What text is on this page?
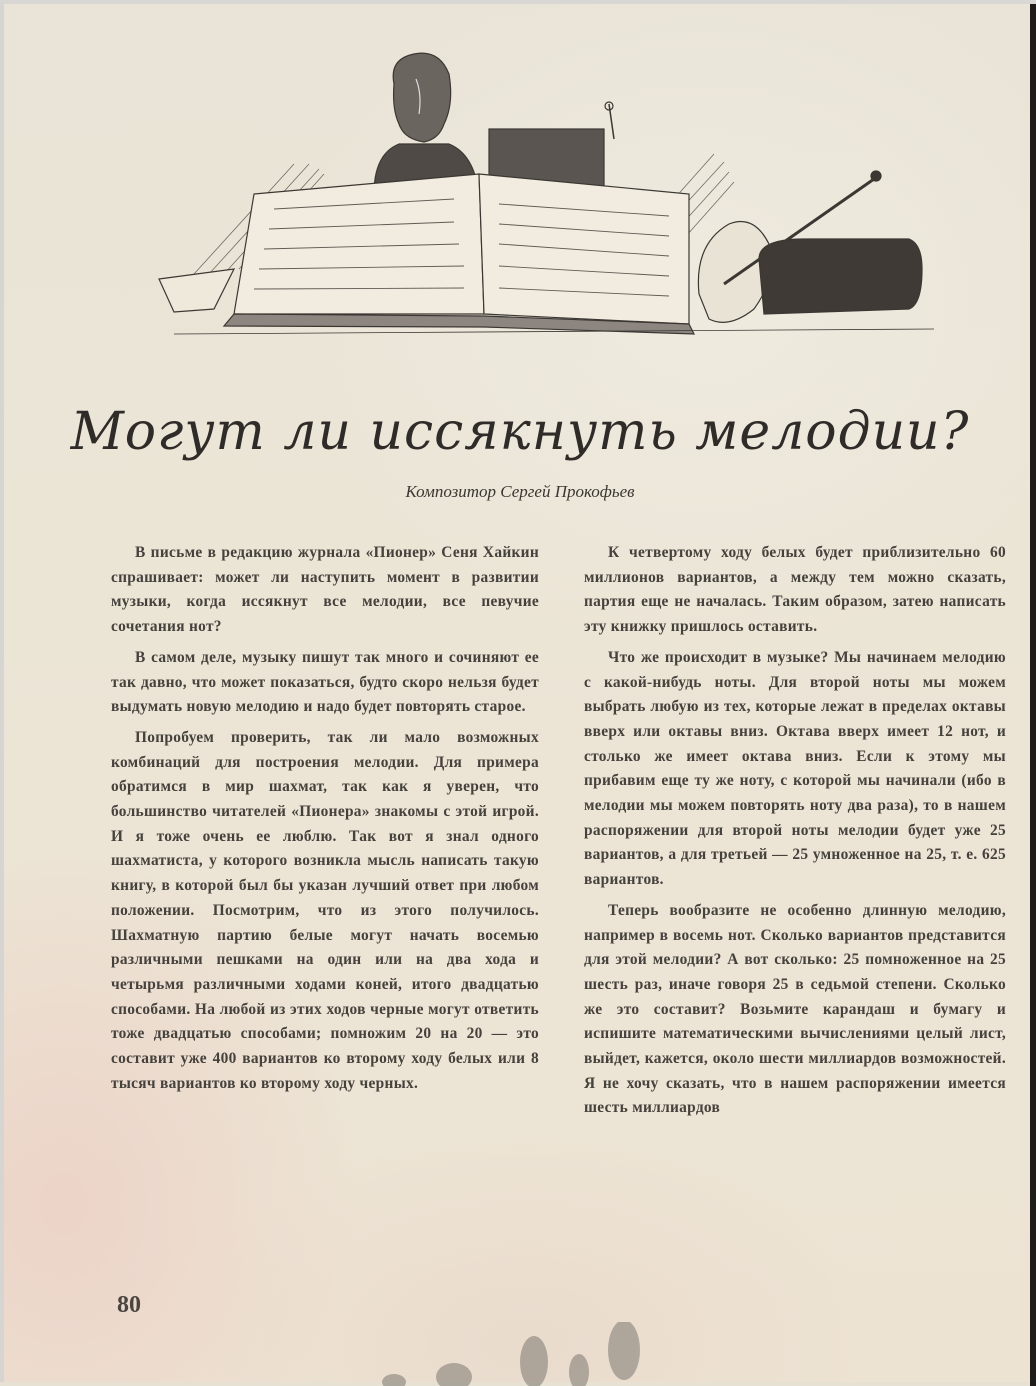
Могут ли иссякнуть мелодии?
Композитор Сергей Прокофьев

В письме в редакцию журнала «Пионер» Сеня Хайкин спрашивает: может ли наступить момент в развитии музыки, когда иссякнут все мелодии, все певучие сочетания нот?

В самом деле, музыку пишут так много и сочиняют ее так давно, что может показаться, будто скоро нельзя будет выдумать новую мелодию и надо будет повторять старое.

Попробуем проверить, так ли мало возможных комбинаций для построения мелодии. Для примера обратимся в мир шахмат, так как я уверен, что большинство читателей «Пионера» знакомы с этой игрой. И я тоже очень ее люблю. Так вот я знал одного шахматиста, у которого возникла мысль написать такую книгу, в которой был бы указан лучший ответ при любом положении. Посмотрим, что из этого получилось. Шахматную партию белые могут начать восемью различными пешками на один или на два хода и четырьмя различными ходами коней, итого двадцатью способами. На любой из этих ходов черные могут ответить тоже двадцатью способами; помножим 20 на 20 — это составит уже 400 вариантов ко второму ходу белых или 8 тысяч вариантов ко второму ходу черных.

К четвертому ходу белых будет приблизительно 60 миллионов вариантов, а между тем можно сказать, партия еще не началась. Таким образом, затею написать эту книжку пришлось оставить.

Что же происходит в музыке? Мы начинаем мелодию с какой-нибудь ноты. Для второй ноты мы можем выбрать любую из тех, которые лежат в пределах октавы вверх или октавы вниз. Октава вверх имеет 12 нот, и столько же имеет октава вниз. Если к этому мы прибавим еще ту же ноту, с которой мы начинали (ибо в мелодии мы можем повторять ноту два раза), то в нашем распоряжении для второй ноты мелодии будет уже 25 вариантов, а для третьей — 25 умноженное на 25, т. е. 625 вариантов.

Теперь вообразите не особенно длинную мелодию, например в восемь нот. Сколько вариантов представится для этой мелодии? А вот сколько: 25 помноженное на 25 шесть раз, иначе говоря 25 в седьмой степени. Сколько же это составит? Возьмите карандаш и бумагу и испишите математическими вычислениями целый лист, выйдет, кажется, около шести миллиардов возможностей. Я не хочу сказать, что в нашем распоряжении имеется шесть миллиардов

80
